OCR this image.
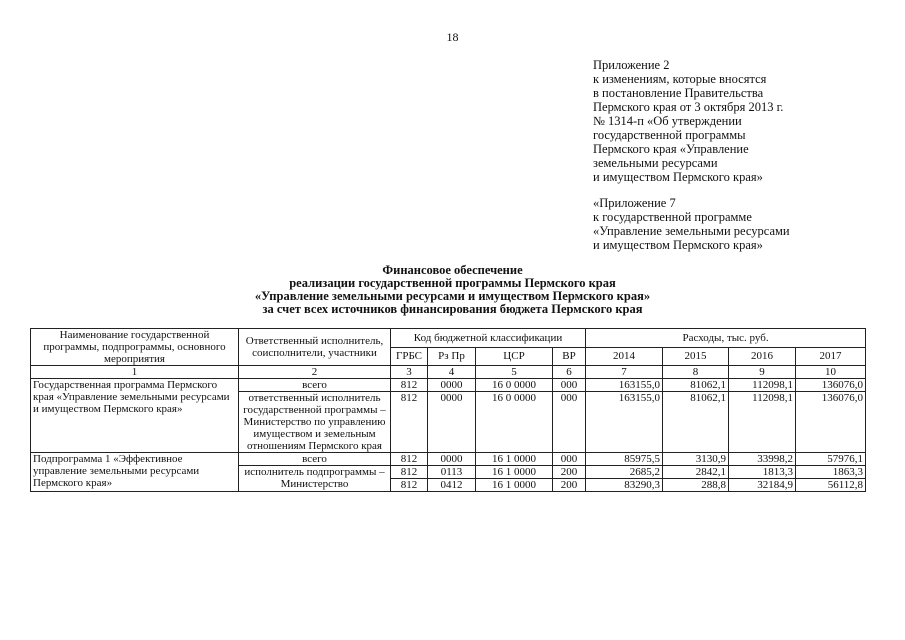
18
Приложение 2
к изменениям, которые вносятся
в постановление Правительства
Пермского края от 3 октября 2013 г.
№ 1314-п «Об утверждении
государственной программы
Пермского края «Управление
земельными ресурсами
и имуществом Пермского края»
«Приложение 7
к государственной программе
«Управление земельными ресурсами
и имуществом Пермского края»
Финансовое обеспечение
реализации государственной программы Пермского края
«Управление земельными ресурсами и имуществом Пермского края»
за счет всех источников финансирования бюджета Пермского края
Наименование государственной программы, подпрограммы, основного мероприятия	Ответственный исполнитель, соисполнители, участники	Код бюджетной классификации				Расходы, тыс. руб.			
		ГРБС	Рз Пр	ЦСР	ВР	2014	2015	2016	2017
1	2	3	4	5	6	7	8	9	10
Государственная программа Пермского края «Управление земельными ресурсами и имуществом Пермского края»	всего	812	0000	16 0 0000	000	163155,0	81062,1	112098,1	136076,0
	ответственный исполнитель государственной программы – Министерство по управлению имуществом и земельным отношениям Пермского края	812	0000	16 0 0000	000	163155,0	81062,1	112098,1	136076,0
Подпрограмма 1 «Эффективное управление земельными ресурсами Пермского края»	всего	812	0000	16 1 0000	000	85975,5	3130,9	33998,2	57976,1
	исполнитель подпрограммы – Министерство	812	0113	16 1 0000	200	2685,2	2842,1	1813,3	1863,3
		812	0412	16 1 0000	200	83290,3	288,8	32184,9	56112,8
